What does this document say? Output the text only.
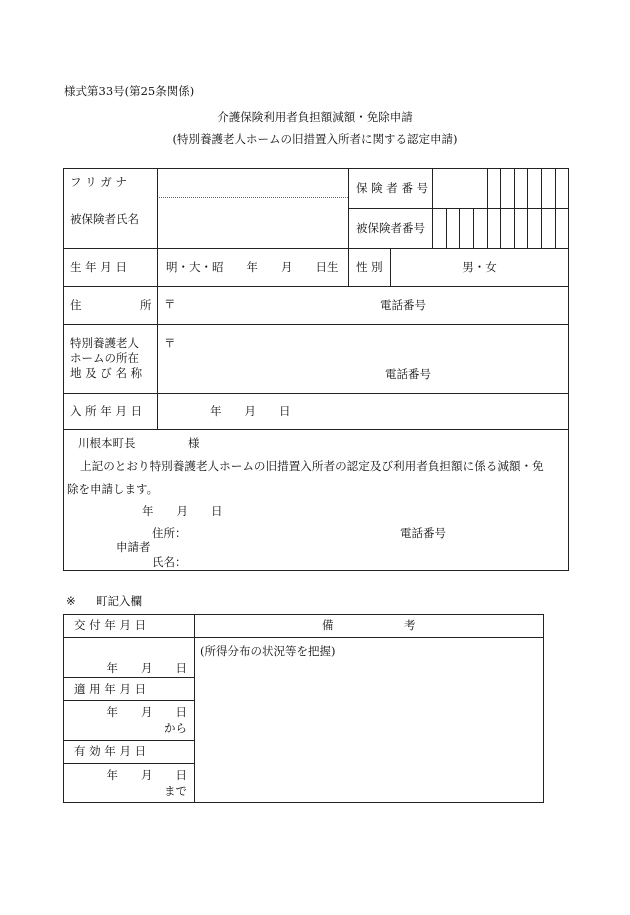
様式第33号(第25条関係)
介護保険利用者負担額減額・免除申請
(特別養護老人ホームの旧措置入所者に関する認定申請)
フ リ ガ ナ
被保険者氏名
保 険 者 番 号
被保険者番号
生 年 月 日	明・大・昭　　年　　月　　日生 性 別	男・女
住	所 〒	電話番号
特別養護老人
ホームの所在
地 及 び 名 称
〒
電話番号
入 所 年 月 日	年　　月　　日
川根本町長	様
上記のとおり特別養護老人ホームの旧措置入所者の認定及び利用者負担額に係る減額・免
除を申請します。
年　　月　　日
住所：	電話番号
申請者
氏名：
※ 町記入欄
交 付 年 月 日	備	考
(所得分布の状況等を把握)
年　　月　　日
適 用 年 月 日
年　　月　　日
から
有 効 年 月 日
年　　月　　日
まで
